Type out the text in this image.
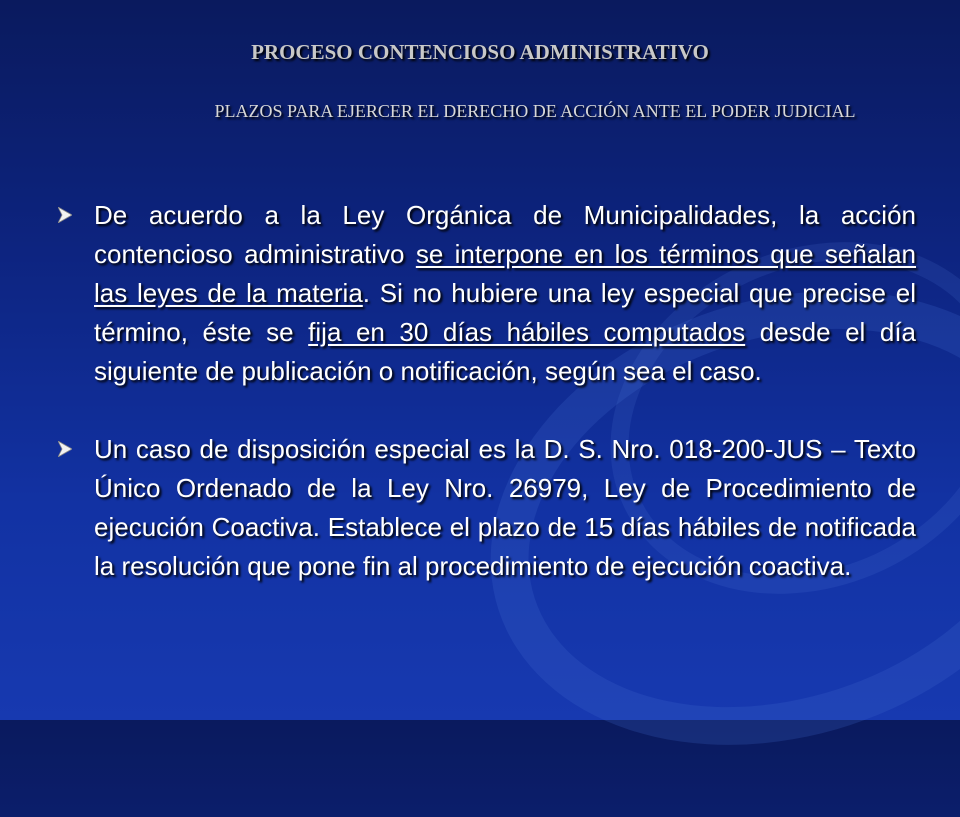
PROCESO CONTENCIOSO ADMINISTRATIVO
PLAZOS PARA EJERCER EL DERECHO DE ACCIÓN ANTE EL PODER JUDICIAL
De acuerdo a la Ley Orgánica de Municipalidades, la acción contencioso administrativo se interpone en los términos que señalan las leyes de la materia. Si no hubiere una ley especial que precise el término, éste se fija en 30 días hábiles computados desde el día siguiente de publicación o notificación, según sea el caso.
Un caso de disposición especial es la D. S. Nro. 018-200-JUS – Texto Único Ordenado de la Ley Nro. 26979, Ley de Procedimiento de ejecución Coactiva. Establece el plazo de 15 días hábiles de notificada la resolución que pone fin al procedimiento de ejecución coactiva.
